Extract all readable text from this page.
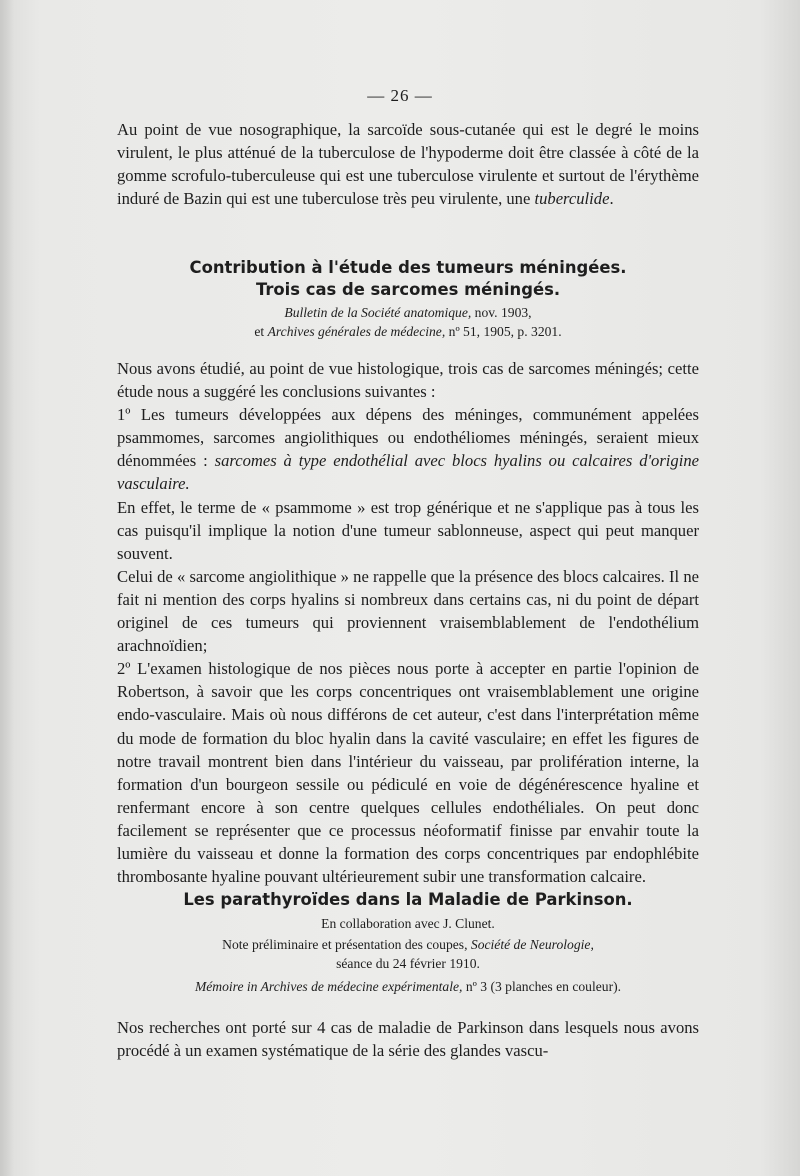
— 26 —

Au point de vue nosographique, la sarcoïde sous-cutanée qui est le degré le moins virulent, le plus atténué de la tuberculose de l'hypoderme doit être classée à côté de la gomme scrofulo-tuberculeuse qui est une tuberculose virulente et surtout de l'érythème induré de Bazin qui est une tuberculose très peu virulente, une tuberculide.

Contribution à l'étude des tumeurs méningées.
Trois cas de sarcomes méningés.
Bulletin de la Société anatomique, nov. 1903,
et Archives générales de médecine, nº 51, 1905, p. 3201.

Nous avons étudié, au point de vue histologique, trois cas de sarcomes méningés; cette étude nous a suggéré les conclusions suivantes :

1º Les tumeurs développées aux dépens des méninges, communément appelées psammomes, sarcomes angiolithiques ou endothéliomes méningés, seraient mieux dénommées : sarcomes à type endothélial avec blocs hyalins ou calcaires d'origine vasculaire.

En effet, le terme de « psammome » est trop générique et ne s'applique pas à tous les cas puisqu'il implique la notion d'une tumeur sablonneuse, aspect qui peut manquer souvent.

Celui de « sarcome angiolithique » ne rappelle que la présence des blocs calcaires. Il ne fait ni mention des corps hyalins si nombreux dans certains cas, ni du point de départ originel de ces tumeurs qui proviennent vraisemblablement de l'endothélium arachnoïdien;

2º L'examen histologique de nos pièces nous porte à accepter en partie l'opinion de Robertson, à savoir que les corps concentriques ont vraisemblablement une origine endo-vasculaire. Mais où nous différons de cet auteur, c'est dans l'interprétation même du mode de formation du bloc hyalin dans la cavité vasculaire; en effet les figures de notre travail montrent bien dans l'intérieur du vaisseau, par prolifération interne, la formation d'un bourgeon sessile ou pédiculé en voie de dégénérescence hyaline et renfermant encore à son centre quelques cellules endothéliales. On peut donc facilement se représenter que ce processus néoformatif finisse par envahir toute la lumière du vaisseau et donne la formation des corps concentriques par endophlébite thrombosante hyaline pouvant ultérieurement subir une transformation calcaire.

Les parathyroïdes dans la Maladie de Parkinson.
En collaboration avec J. Clunet.
Note préliminaire et présentation des coupes, Société de Neurologie,
séance du 24 février 1910.
Mémoire in Archives de médecine expérimentale, nº 3 (3 planches en couleur).

Nos recherches ont porté sur 4 cas de maladie de Parkinson dans lesquels nous avons procédé à un examen systématique de la série des glandes vascu-
